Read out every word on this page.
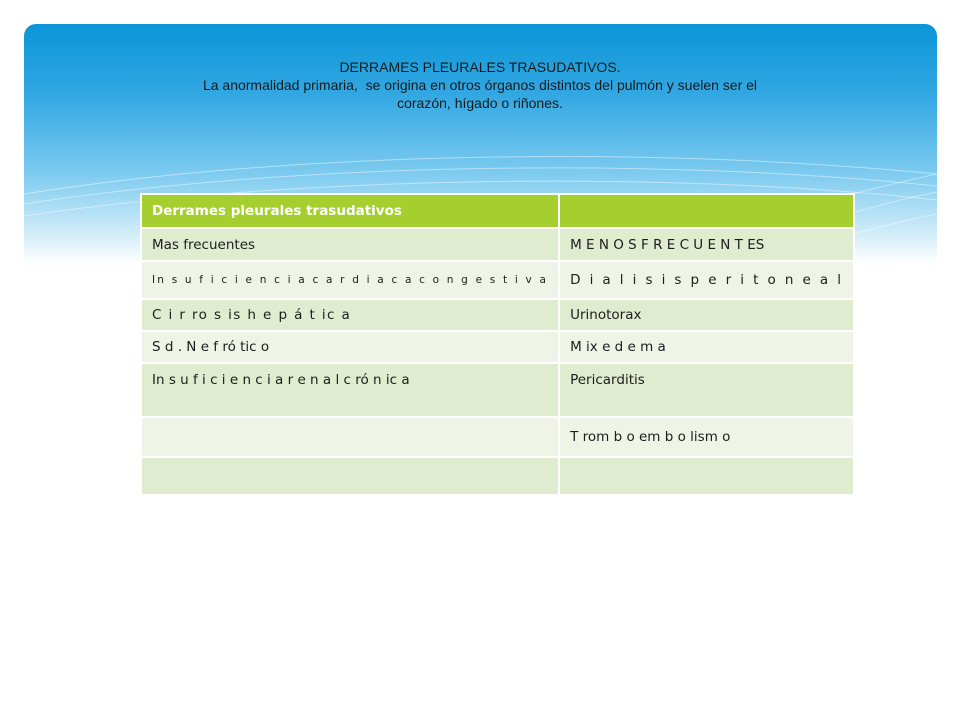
DERRAMES PLEURALES TRASUDATIVOS.
La anormalidad primaria,  se origina en otros órganos distintos del pulmón y suelen ser el
corazón, hígado o riñones.
Derrames pleurales trasudativos	
Mas frecuentes	M E N O S F R E C U E N T ES
In s u f i c i e n c i a c a r d i a c a c o n g e s t i v a	D i a l i s i s p e r i t o n e a l
C i r ro s is h e p á t ic a	Urinotorax
S d . N e f ró tic o	M ix e d e m a
In s u f i c i e n c i a r e n a l c ró n ic a	Pericarditis
	T rom b o em b o lism o
